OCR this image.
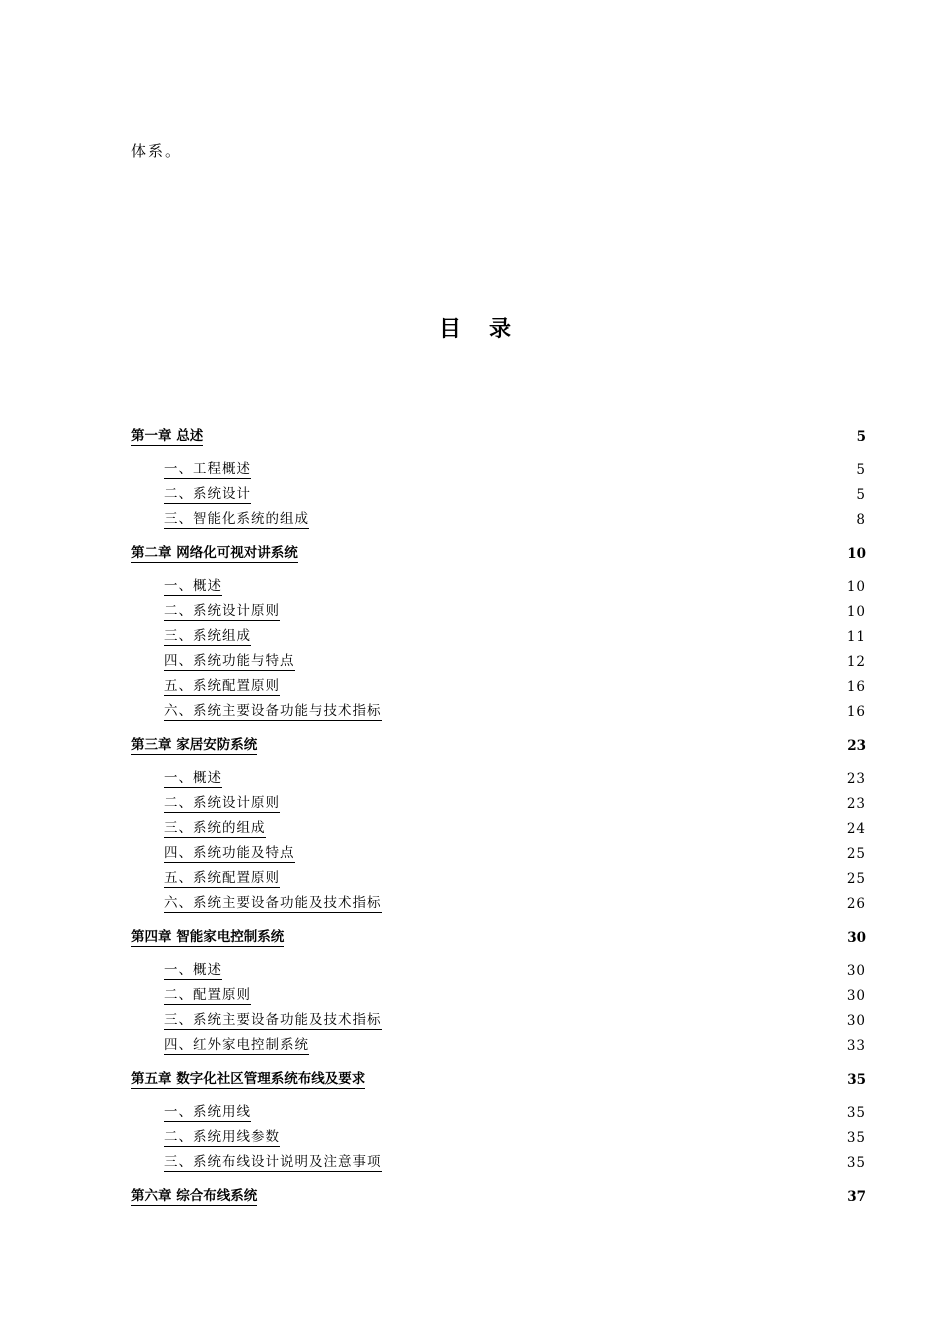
体系。
目录
第一章 总述	5
一、工程概述	5
二、系统设计	5
三、智能化系统的组成	8
第二章 网络化可视对讲系统	10
一、概述	10
二、系统设计原则	10
三、系统组成	11
四、系统功能与特点	12
五、系统配置原则	16
六、系统主要设备功能与技术指标	16
第三章 家居安防系统	23
一、概述	23
二、系统设计原则	23
三、系统的组成	24
四、系统功能及特点	25
五、系统配置原则	25
六、系统主要设备功能及技术指标	26
第四章 智能家电控制系统	30
一、概述	30
二、配置原则	30
三、系统主要设备功能及技术指标	30
四、红外家电控制系统	33
第五章 数字化社区管理系统布线及要求	35
一、系统用线	35
二、系统用线参数	35
三、系统布线设计说明及注意事项	35
第六章 综合布线系统	37
